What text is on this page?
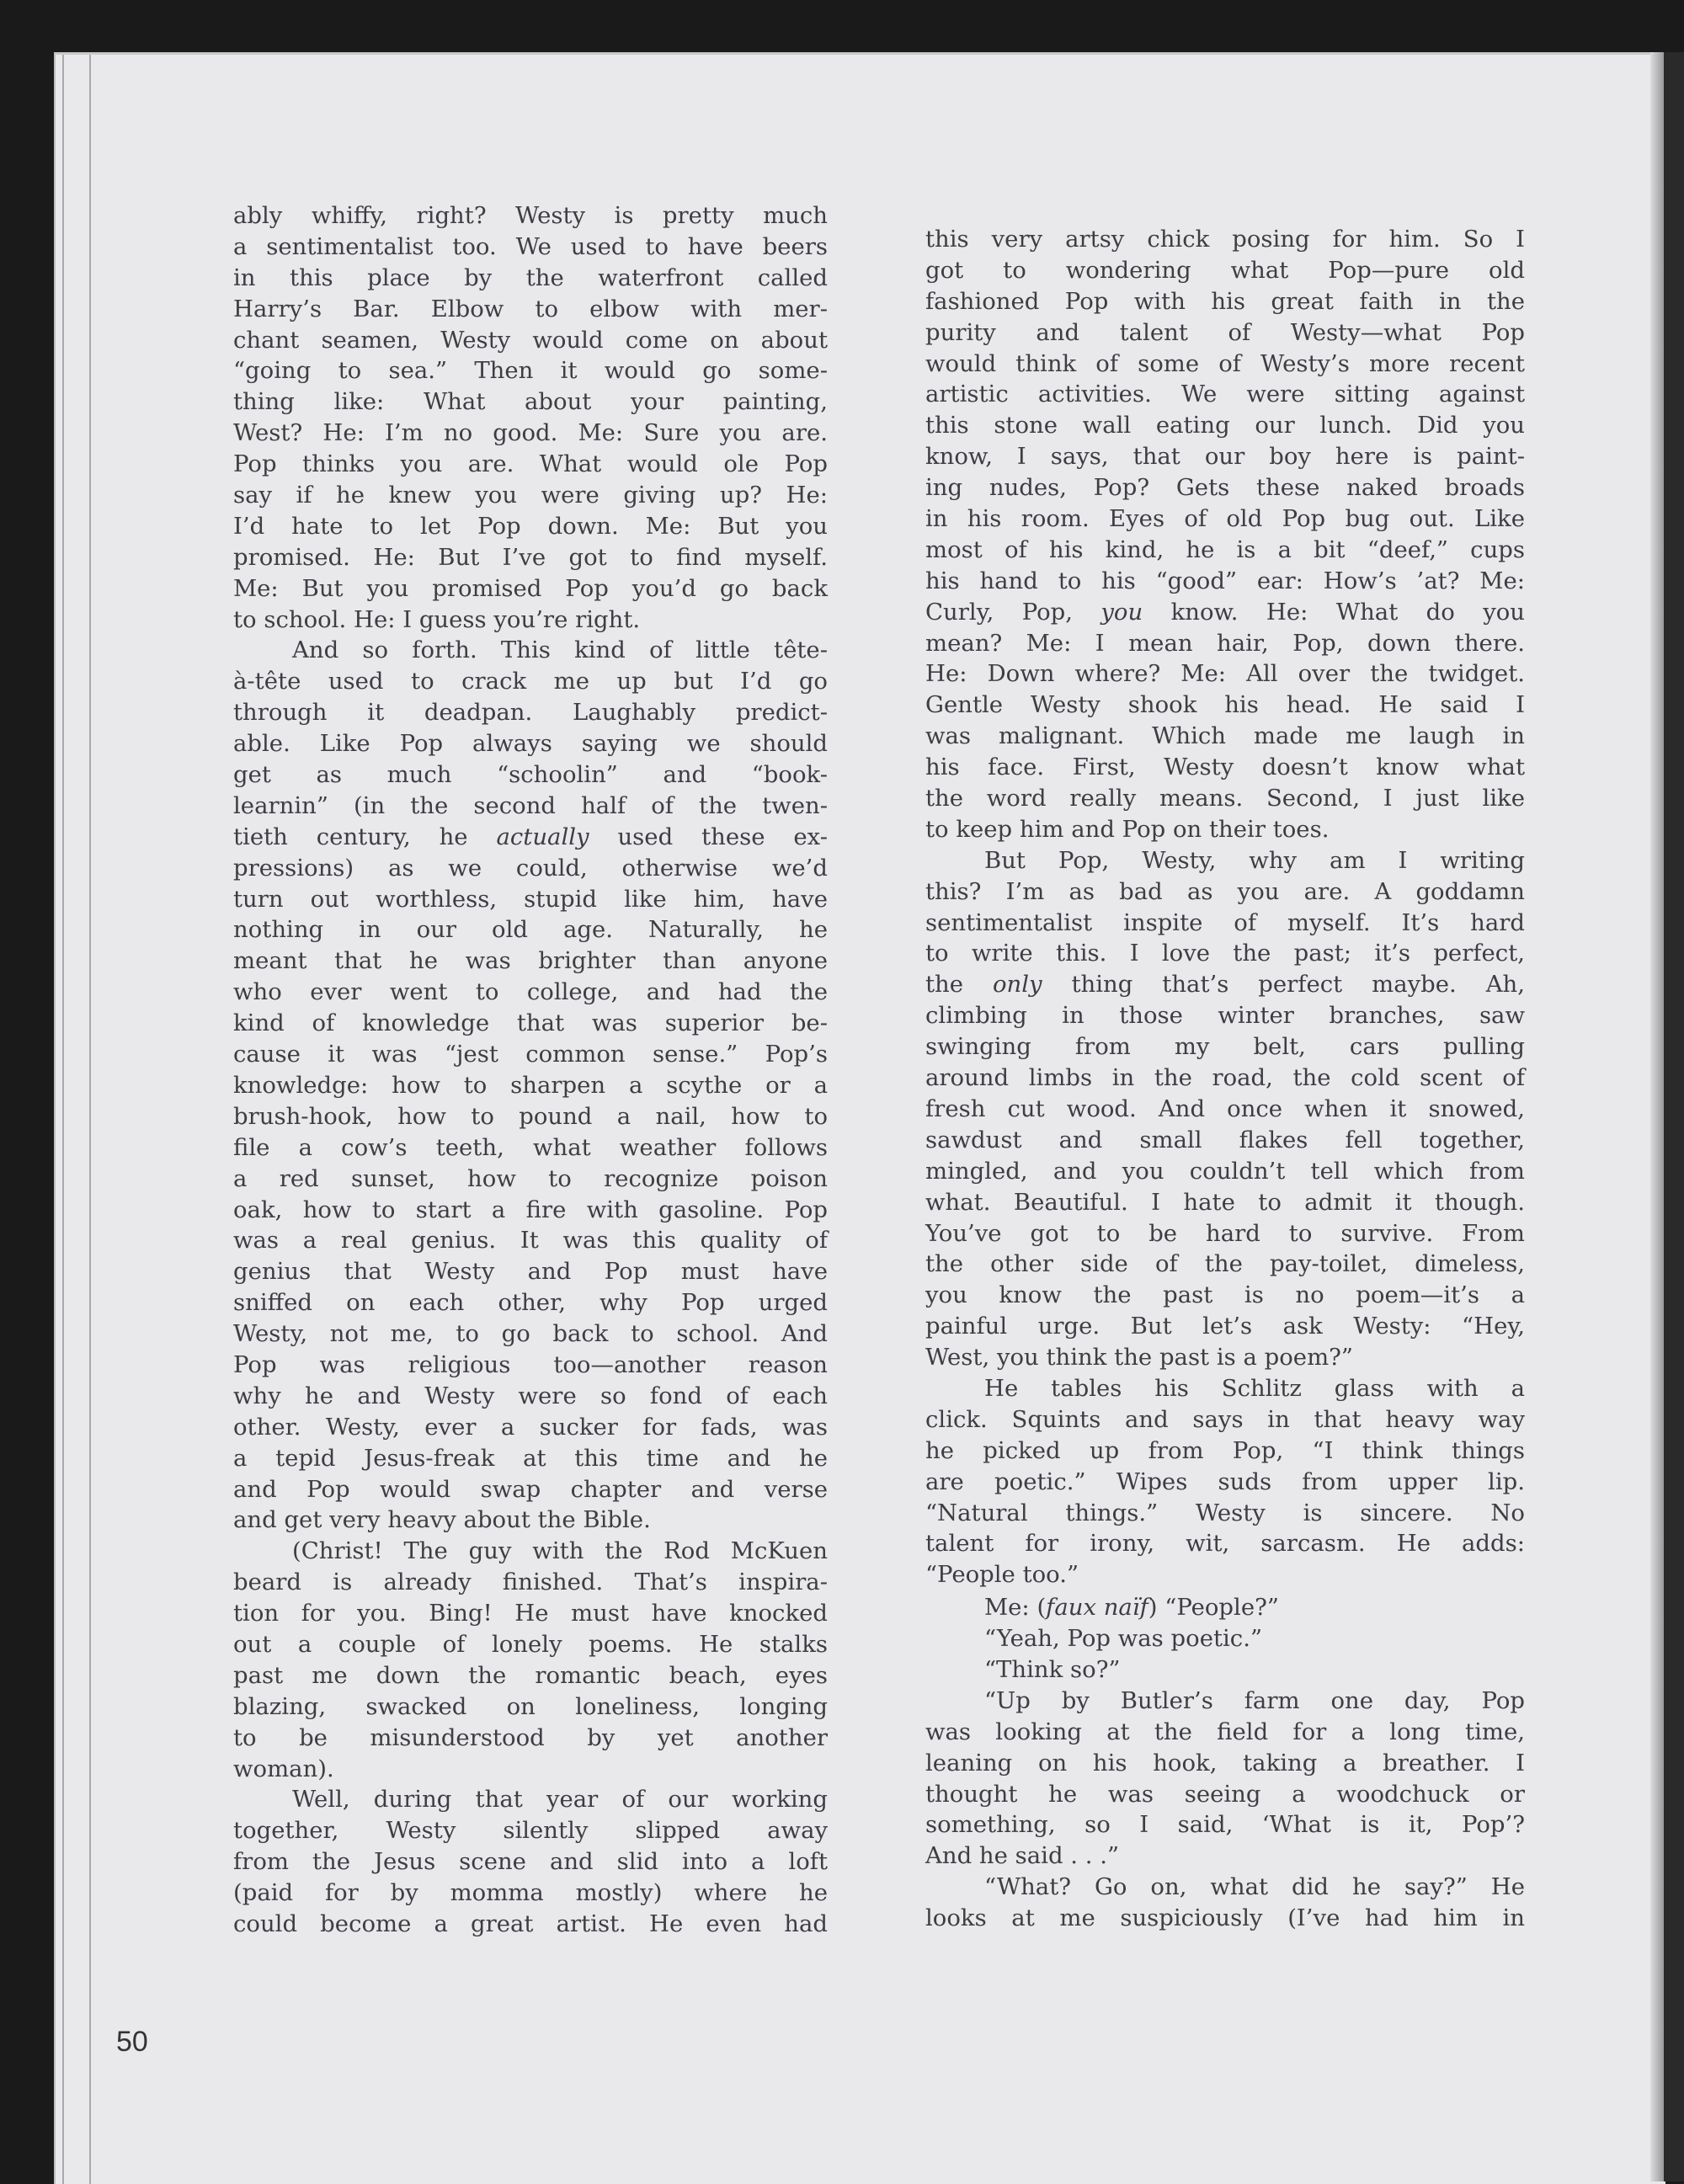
ably whiffy, right? Westy is pretty much
a sentimentalist too. We used to have beers
in this place by the waterfront called
Harry’s Bar. Elbow to elbow with mer-
chant seamen, Westy would come on about
“going to sea.” Then it would go some-
thing like: What about your painting,
West? He: I’m no good. Me: Sure you are.
Pop thinks you are. What would ole Pop
say if he knew you were giving up? He:
I’d hate to let Pop down. Me: But you
promised. He: But I’ve got to find myself.
Me: But you promised Pop you’d go back
to school. He: I guess you’re right.
And so forth. This kind of little tête-
à-tête used to crack me up but I’d go
through it deadpan. Laughably predict-
able. Like Pop always saying we should
get as much “schoolin” and “book-
learnin” (in the second half of the twen-
tieth century, he actually used these ex-
pressions) as we could, otherwise we’d
turn out worthless, stupid like him, have
nothing in our old age. Naturally, he
meant that he was brighter than anyone
who ever went to college, and had the
kind of knowledge that was superior be-
cause it was “jest common sense.” Pop’s
knowledge: how to sharpen a scythe or a
brush-hook, how to pound a nail, how to
file a cow’s teeth, what weather follows
a red sunset, how to recognize poison
oak, how to start a fire with gasoline. Pop
was a real genius. It was this quality of
genius that Westy and Pop must have
sniffed on each other, why Pop urged
Westy, not me, to go back to school. And
Pop was religious too—another reason
why he and Westy were so fond of each
other. Westy, ever a sucker for fads, was
a tepid Jesus-freak at this time and he
and Pop would swap chapter and verse
and get very heavy about the Bible.
(Christ! The guy with the Rod McKuen
beard is already finished. That’s inspira-
tion for you. Bing! He must have knocked
out a couple of lonely poems. He stalks
past me down the romantic beach, eyes
blazing, swacked on loneliness, longing
to be misunderstood by yet another
woman).
Well, during that year of our working
together, Westy silently slipped away
from the Jesus scene and slid into a loft
(paid for by momma mostly) where he
could become a great artist. He even had
this very artsy chick posing for him. So I
got to wondering what Pop—pure old
fashioned Pop with his great faith in the
purity and talent of Westy—what Pop
would think of some of Westy’s more recent
artistic activities. We were sitting against
this stone wall eating our lunch. Did you
know, I says, that our boy here is paint-
ing nudes, Pop? Gets these naked broads
in his room. Eyes of old Pop bug out. Like
most of his kind, he is a bit “deef,” cups
his hand to his “good” ear: How’s ’at? Me:
Curly, Pop, you know. He: What do you
mean? Me: I mean hair, Pop, down there.
He: Down where? Me: All over the twidget.
Gentle Westy shook his head. He said I
was malignant. Which made me laugh in
his face. First, Westy doesn’t know what
the word really means. Second, I just like
to keep him and Pop on their toes.
But Pop, Westy, why am I writing
this? I’m as bad as you are. A goddamn
sentimentalist inspite of myself. It’s hard
to write this. I love the past; it’s perfect,
the only thing that’s perfect maybe. Ah,
climbing in those winter branches, saw
swinging from my belt, cars pulling
around limbs in the road, the cold scent of
fresh cut wood. And once when it snowed,
sawdust and small flakes fell together,
mingled, and you couldn’t tell which from
what. Beautiful. I hate to admit it though.
You’ve got to be hard to survive. From
the other side of the pay-toilet, dimeless,
you know the past is no poem—it’s a
painful urge. But let’s ask Westy: “Hey,
West, you think the past is a poem?”
He tables his Schlitz glass with a
click. Squints and says in that heavy way
he picked up from Pop, “I think things
are poetic.” Wipes suds from upper lip.
“Natural things.” Westy is sincere. No
talent for irony, wit, sarcasm. He adds:
“People too.”
Me: (faux naïf) “People?”
“Yeah, Pop was poetic.”
“Think so?”
“Up by Butler’s farm one day, Pop
was looking at the field for a long time,
leaning on his hook, taking a breather. I
thought he was seeing a woodchuck or
something, so I said, ‘What is it, Pop’?
And he said . . .”
“What? Go on, what did he say?” He
looks at me suspiciously (I’ve had him in
50
